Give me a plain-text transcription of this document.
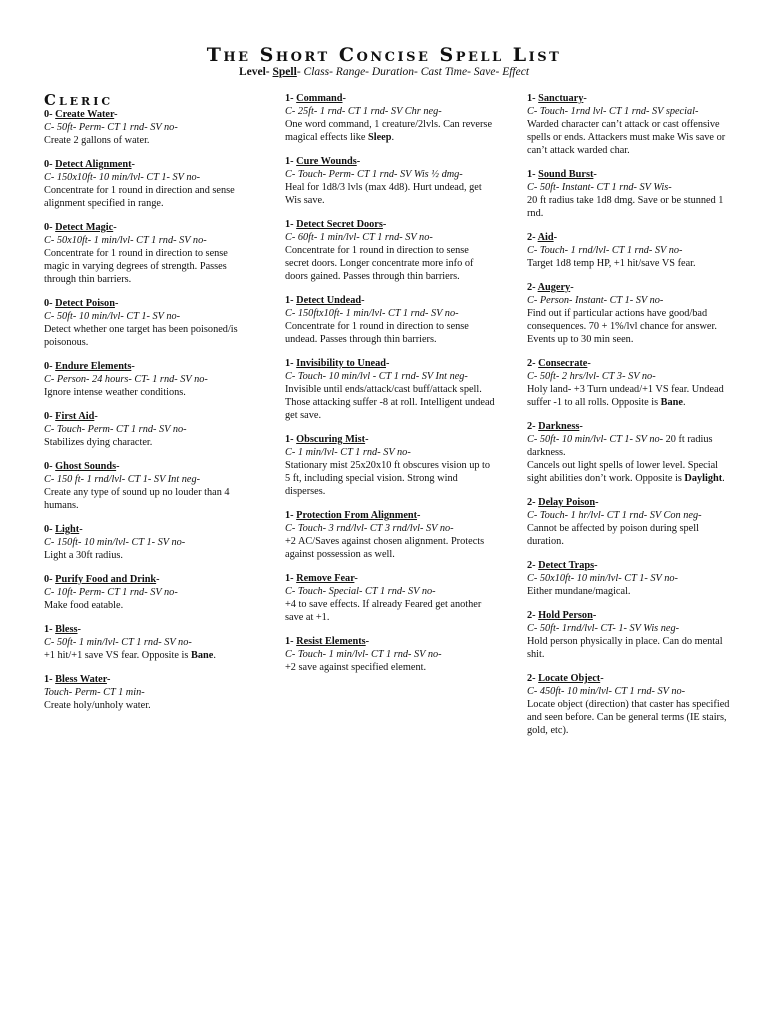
The Short Concise Spell List
Level- Spell- Class- Range- Duration- Cast Time- Save- Effect
Cleric
0- Create Water-
C- 50ft- Perm- CT 1 rnd- SV no-
Create 2 gallons of water.
0- Detect Alignment-
C- 150x10ft- 10 min/lvl- CT 1- SV no-
Concentrate for 1 round in direction and sense alignment specified in range.
0- Detect Magic-
C- 50x10ft- 1 min/lvl- CT 1 rnd- SV no-
Concentrate for 1 round in direction to sense magic in varying degrees of strength. Passes through thin barriers.
0- Detect Poison-
C- 50ft- 10 min/lvl- CT 1- SV no-
Detect whether one target has been poisoned/is poisonous.
0- Endure Elements-
C- Person- 24 hours- CT- 1 rnd- SV no-
Ignore intense weather conditions.
0- First Aid-
C- Touch- Perm- CT 1 rnd- SV no-
Stabilizes dying character.
0- Ghost Sounds-
C- 150 ft- 1 rnd/lvl- CT 1- SV Int neg-
Create any type of sound up no louder than 4 humans.
0- Light-
C- 150ft- 10 min/lvl- CT 1- SV no-
Light a 30ft radius.
0- Purify Food and Drink-
C- 10ft- Perm- CT 1 rnd- SV no-
Make food eatable.
1- Bless-
C- 50ft- 1 min/lvl- CT 1 rnd- SV no-
+1 hit/+1 save VS fear. Opposite is Bane.
1- Bless Water-
Touch- Perm- CT 1 min-
Create holy/unholy water.
1- Command-
C- 25ft- 1 rnd- CT 1 rnd- SV Chr neg-
One word command, 1 creature/2lvls. Can reverse magical effects like Sleep.
1- Cure Wounds-
C- Touch- Perm- CT 1 rnd- SV Wis ½ dmg-
Heal for 1d8/3 lvls (max 4d8). Hurt undead, get Wis save.
1- Detect Secret Doors-
C- 60ft- 1 min/lvl- CT 1 rnd- SV no-
Concentrate for 1 round in direction to sense secret doors. Longer concentrate more info of doors gained. Passes through thin barriers.
1- Detect Undead-
C- 150ftx10ft- 1 min/lvl- CT 1 rnd- SV no-
Concentrate for 1 round in direction to sense undead. Passes through thin barriers.
1- Invisibility to Unead-
C- Touch- 10 min/lvl - CT 1 rnd- SV Int neg-
Invisible until ends/attack/cast buff/attack spell. Those attacking suffer -8 at roll. Intelligent undead get save.
1- Obscuring Mist-
C- 1 min/lvl- CT 1 rnd- SV no-
Stationary mist 25x20x10 ft obscures vision up to 5 ft, including special vision. Strong wind disperses.
1- Protection From Alignment-
C- Touch- 3 rnd/lvl- CT 3 rnd/lvl- SV no-
+2 AC/Saves against chosen alignment. Protects against possession as well.
1- Remove Fear-
C- Touch- Special- CT 1 rnd- SV no-
+4 to save effects. If already Feared get another save at +1.
1- Resist Elements-
C- Touch- 1 min/lvl- CT 1 rnd- SV no-
+2 save against specified element.
1- Sanctuary-
C- Touch- 1rnd lvl- CT 1 rnd- SV special-
Warded character can’t attack or cast offensive spells or ends. Attackers must make Wis save or can’t attack warded char.
1- Sound Burst-
C- 50ft- Instant- CT 1 rnd- SV Wis-
20 ft radius take 1d8 dmg. Save or be stunned 1 rnd.
2- Aid-
C- Touch- 1 rnd/lvl- CT 1 rnd- SV no-
Target 1d8 temp HP, +1 hit/save VS fear.
2- Augery-
C- Person- Instant- CT 1- SV no-
Find out if particular actions have good/bad consequences. 70 + 1%/lvl chance for answer. Events up to 30 min seen.
2- Consecrate-
C- 50ft- 2 hrs/lvl- CT 3- SV no-
Holy land- +3 Turn undead/+1 VS fear. Undead suffer -1 to all rolls. Opposite is Bane.
2- Darkness-
C- 50ft- 10 min/lvl- CT 1- SV no- 20 ft radius darkness.
Cancels out light spells of lower level. Special sight abilities don’t work. Opposite is Daylight.
2- Delay Poison-
C- Touch- 1 hr/lvl- CT 1 rnd- SV Con neg-
Cannot be affected by poison during spell duration.
2- Detect Traps-
C- 50x10ft- 10 min/lvl- CT 1- SV no-
Either mundane/magical.
2- Hold Person-
C- 50ft- 1rnd/lvl- CT- 1- SV Wis neg-
Hold person physically in place. Can do mental shit.
2- Locate Object-
C- 450ft- 10 min/lvl- CT 1 rnd- SV no-
Locate object (direction) that caster has specified and seen before. Can be general terms (IE stairs, gold, etc).
